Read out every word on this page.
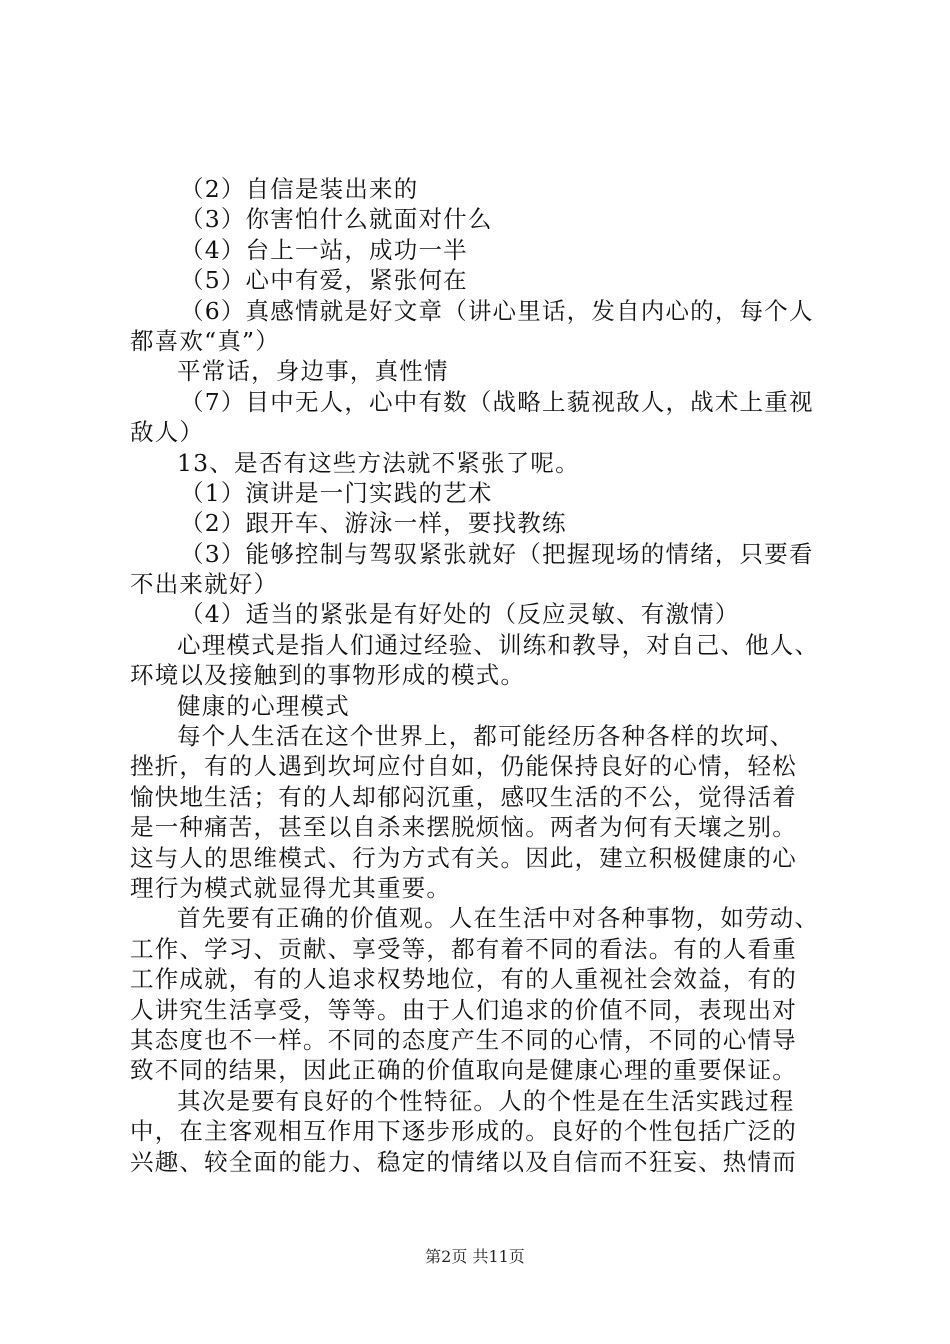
（2）自信是装出来的
（3）你害怕什么就面对什么
（4）台上一站，成功一半
（5）心中有爱，紧张何在
（6）真感情就是好文章（讲心里话，发自内心的，每个人
都喜欢“真”）
平常话，身边事，真性情
（7）目中无人，心中有数（战略上藐视敌人，战术上重视
敌人）
13、是否有这些方法就不紧张了呢。
（1）演讲是一门实践的艺术
（2）跟开车、游泳一样，要找教练
（3）能够控制与驾驭紧张就好（把握现场的情绪，只要看
不出来就好）
（4）适当的紧张是有好处的（反应灵敏、有激情）
心理模式是指人们通过经验、训练和教导，对自己、他人、
环境以及接触到的事物形成的模式。
健康的心理模式
每个人生活在这个世界上，都可能经历各种各样的坎坷、
挫折，有的人遇到坎坷应付自如，仍能保持良好的心情，轻松
愉快地生活；有的人却郁闷沉重，感叹生活的不公，觉得活着
是一种痛苦，甚至以自杀来摆脱烦恼。两者为何有天壤之别。
这与人的思维模式、行为方式有关。因此，建立积极健康的心
理行为模式就显得尤其重要。
首先要有正确的价值观。人在生活中对各种事物，如劳动、
工作、学习、贡献、享受等，都有着不同的看法。有的人看重
工作成就，有的人追求权势地位，有的人重视社会效益，有的
人讲究生活享受，等等。由于人们追求的价值不同，表现出对
其态度也不一样。不同的态度产生不同的心情，不同的心情导
致不同的结果，因此正确的价值取向是健康心理的重要保证。
其次是要有良好的个性特征。人的个性是在生活实践过程
中，在主客观相互作用下逐步形成的。良好的个性包括广泛的
兴趣、较全面的能力、稳定的情绪以及自信而不狂妄、热情而
第2页 共11页
